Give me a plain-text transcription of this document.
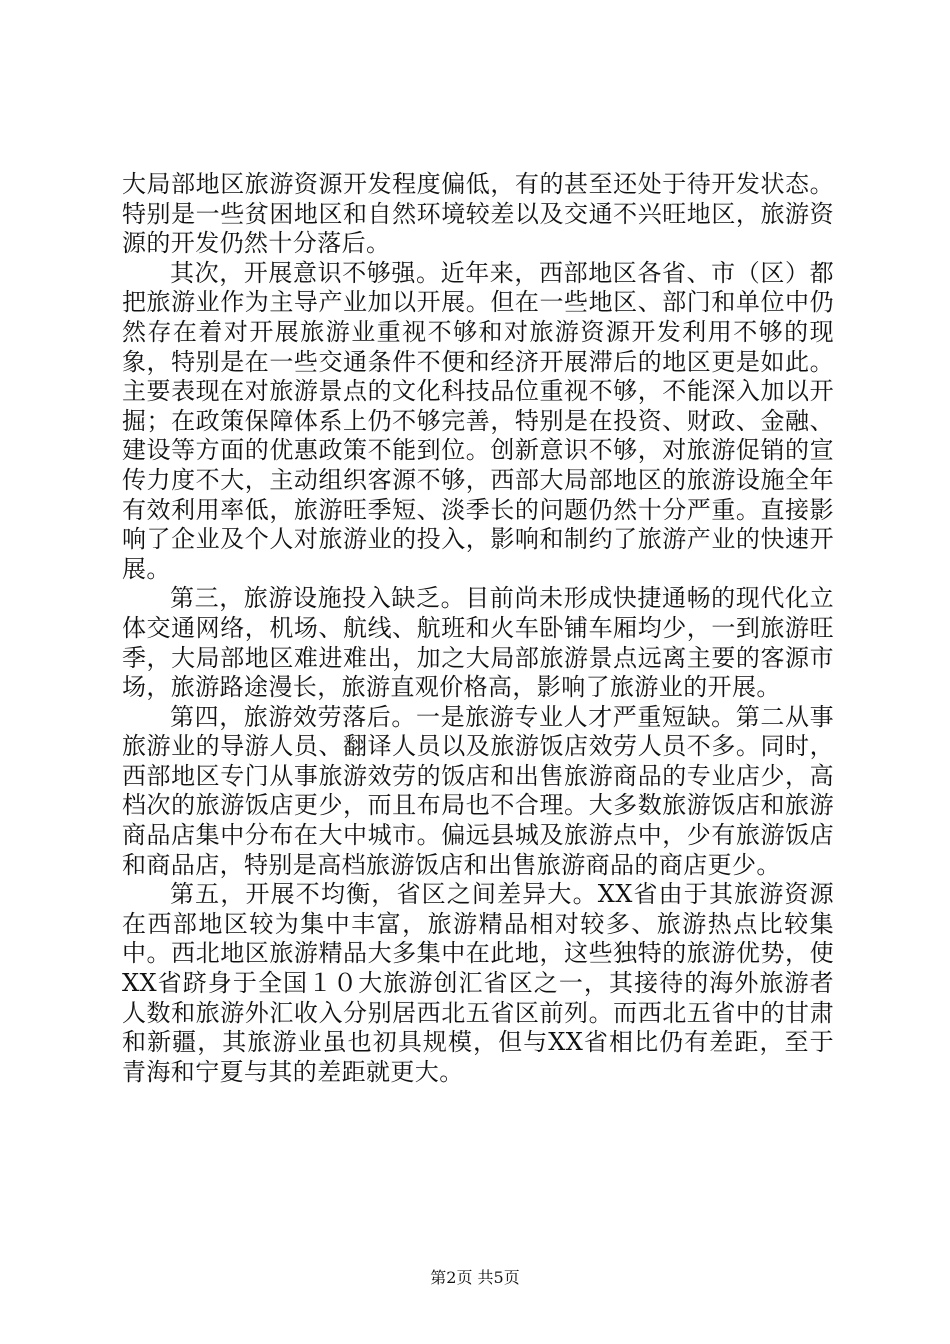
大局部地区旅游资源开发程度偏低，有的甚至还处于待开发状态。特别是一些贫困地区和自然环境较差以及交通不兴旺地区，旅游资源的开发仍然十分落后。

其次，开展意识不够强。近年来，西部地区各省、市（区）都把旅游业作为主导产业加以开展。但在一些地区、部门和单位中仍然存在着对开展旅游业重视不够和对旅游资源开发利用不够的现象，特别是在一些交通条件不便和经济开展滞后的地区更是如此。主要表现在对旅游景点的文化科技品位重视不够，不能深入加以开掘；在政策保障体系上仍不够完善，特别是在投资、财政、金融、建设等方面的优惠政策不能到位。创新意识不够，对旅游促销的宣传力度不大，主动组织客源不够，西部大局部地区的旅游设施全年有效利用率低，旅游旺季短、淡季长的问题仍然十分严重。直接影响了企业及个人对旅游业的投入，影响和制约了旅游产业的快速开展。

第三，旅游设施投入缺乏。目前尚未形成快捷通畅的现代化立体交通网络，机场、航线、航班和火车卧铺车厢均少，一到旅游旺季，大局部地区难进难出，加之大局部旅游景点远离主要的客源市场，旅游路途漫长，旅游直观价格高，影响了旅游业的开展。

第四，旅游效劳落后。一是旅游专业人才严重短缺。第二从事旅游业的导游人员、翻译人员以及旅游饭店效劳人员不多。同时，西部地区专门从事旅游效劳的饭店和出售旅游商品的专业店少，高档次的旅游饭店更少，而且布局也不合理。大多数旅游饭店和旅游商品店集中分布在大中城市。偏远县城及旅游点中，少有旅游饭店和商品店，特别是高档旅游饭店和出售旅游商品的商店更少。

第五，开展不均衡，省区之间差异大。XX省由于其旅游资源在西部地区较为集中丰富，旅游精品相对较多、旅游热点比较集中。西北地区旅游精品大多集中在此地，这些独特的旅游优势，使XX省跻身于全国１０大旅游创汇省区之一，其接待的海外旅游者人数和旅游外汇收入分别居西北五省区前列。而西北五省中的甘肃和新疆，其旅游业虽也初具规模，但与XX省相比仍有差距，至于青海和宁夏与其的差距就更大。

第2页 共5页
